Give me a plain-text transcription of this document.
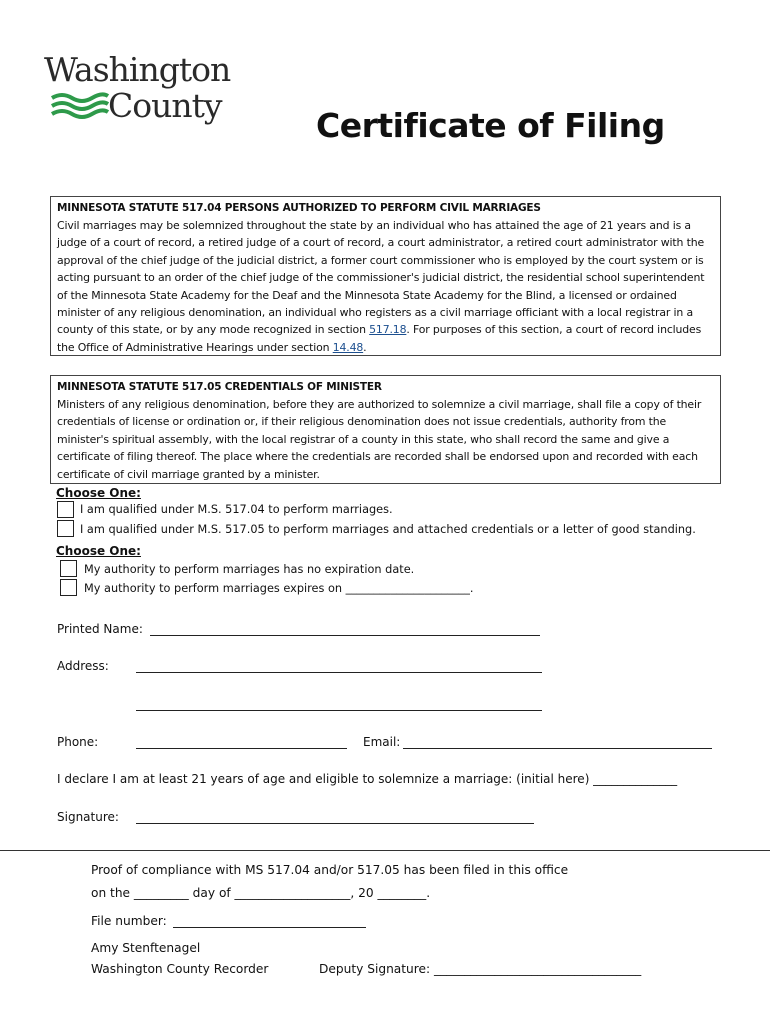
Washington
County
Certificate of Filing
MINNESOTA STATUTE 517.04 PERSONS AUTHORIZED TO PERFORM CIVIL MARRIAGES

Civil marriages may be solemnized throughout the state by an individual who has attained the age of 21 years and is a judge of a court of record, a retired judge of a court of record, a court administrator, a retired court administrator with the approval of the chief judge of the judicial district, a former court commissioner who is employed by the court system or is acting pursuant to an order of the chief judge of the commissioner's judicial district, the residential school superintendent of the Minnesota State Academy for the Deaf and the Minnesota State Academy for the Blind, a licensed or ordained minister of any religious denomination, an individual who registers as a civil marriage officiant with a local registrar in a county of this state, or by any mode recognized in section 517.18. For purposes of this section, a court of record includes the Office of Administrative Hearings under section 14.48.

MINNESOTA STATUTE 517.05 CREDENTIALS OF MINISTER

Ministers of any religious denomination, before they are authorized to solemnize a civil marriage, shall file a copy of their credentials of license or ordination or, if their religious denomination does not issue credentials, authority from the minister's spiritual assembly, with the local registrar of a county in this state, who shall record the same and give a certificate of filing thereof. The place where the credentials are recorded shall be endorsed upon and recorded with each certificate of civil marriage granted by a minister.

Choose One:
I am qualified under M.S. 517.04 to perform marriages.
I am qualified under M.S. 517.05 to perform marriages and attached credentials or a letter of good standing.
Choose One:
My authority to perform marriages has no expiration date.
My authority to perform marriages expires on ______________________.
Printed Name:
Address:
Phone:	Email:
I declare I am at least 21 years of age and eligible to solemnize a marriage: (initial here) ______________
Signature:
Proof of compliance with MS 517.04 and/or 517.05 has been filed in this office
on the _________ day of ___________________, 20 ________.
File number:
Amy Stenftenagel
Washington County Recorder	Deputy Signature: __________________________________
